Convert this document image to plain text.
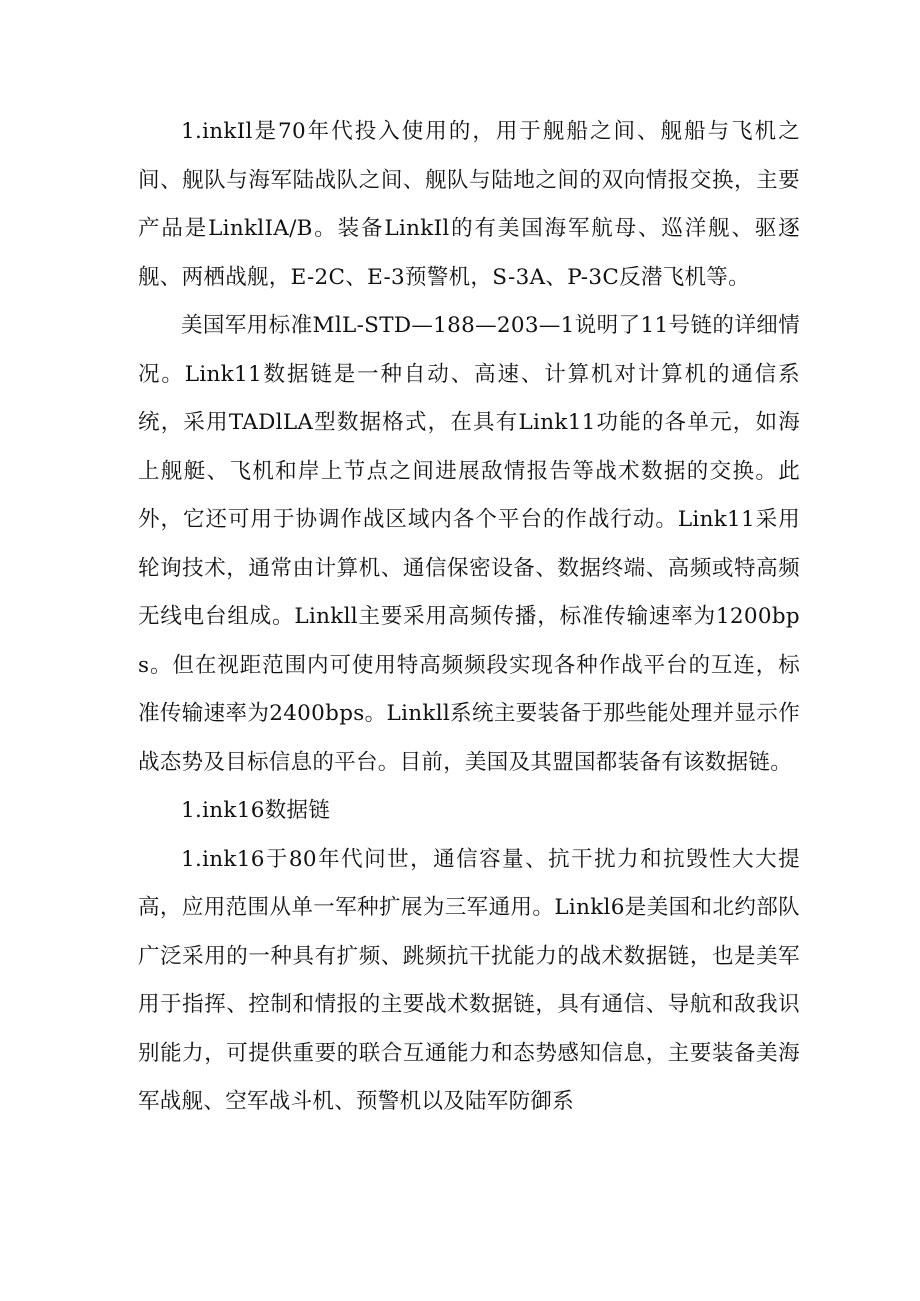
1.inkIl是70年代投入使用的，用于舰船之间、舰船与飞机之间、舰队与海军陆战队之间、舰队与陆地之间的双向情报交换，主要产品是LinklIA/B。装备LinkIl的有美国海军航母、巡洋舰、驱逐舰、两栖战舰，E-2C、E-3预警机，S-3A、P-3C反潜飞机等。

美国军用标准MlL-STD—188—203—1说明了11号链的详细情况。Link11数据链是一种自动、高速、计算机对计算机的通信系统，采用TADlLA型数据格式，在具有Link11功能的各单元，如海上舰艇、飞机和岸上节点之间进展敌情报告等战术数据的交换。此外，它还可用于协调作战区域内各个平台的作战行动。Link11采用轮询技术，通常由计算机、通信保密设备、数据终端、高频或特高频无线电台组成。Linkll主要采用高频传播，标准传输速率为1200bps。但在视距范围内可使用特高频频段实现各种作战平台的互连，标准传输速率为2400bps。Linkll系统主要装备于那些能处理并显示作战态势及目标信息的平台。目前，美国及其盟国都装备有该数据链。

1.ink16数据链

1.ink16于80年代问世，通信容量、抗干扰力和抗毁性大大提高，应用范围从单一军种扩展为三军通用。Linkl6是美国和北约部队广泛采用的一种具有扩频、跳频抗干扰能力的战术数据链，也是美军用于指挥、控制和情报的主要战术数据链，具有通信、导航和敌我识别能力，可提供重要的联合互通能力和态势感知信息，主要装备美海军战舰、空军战斗机、预警机以及陆军防御系
